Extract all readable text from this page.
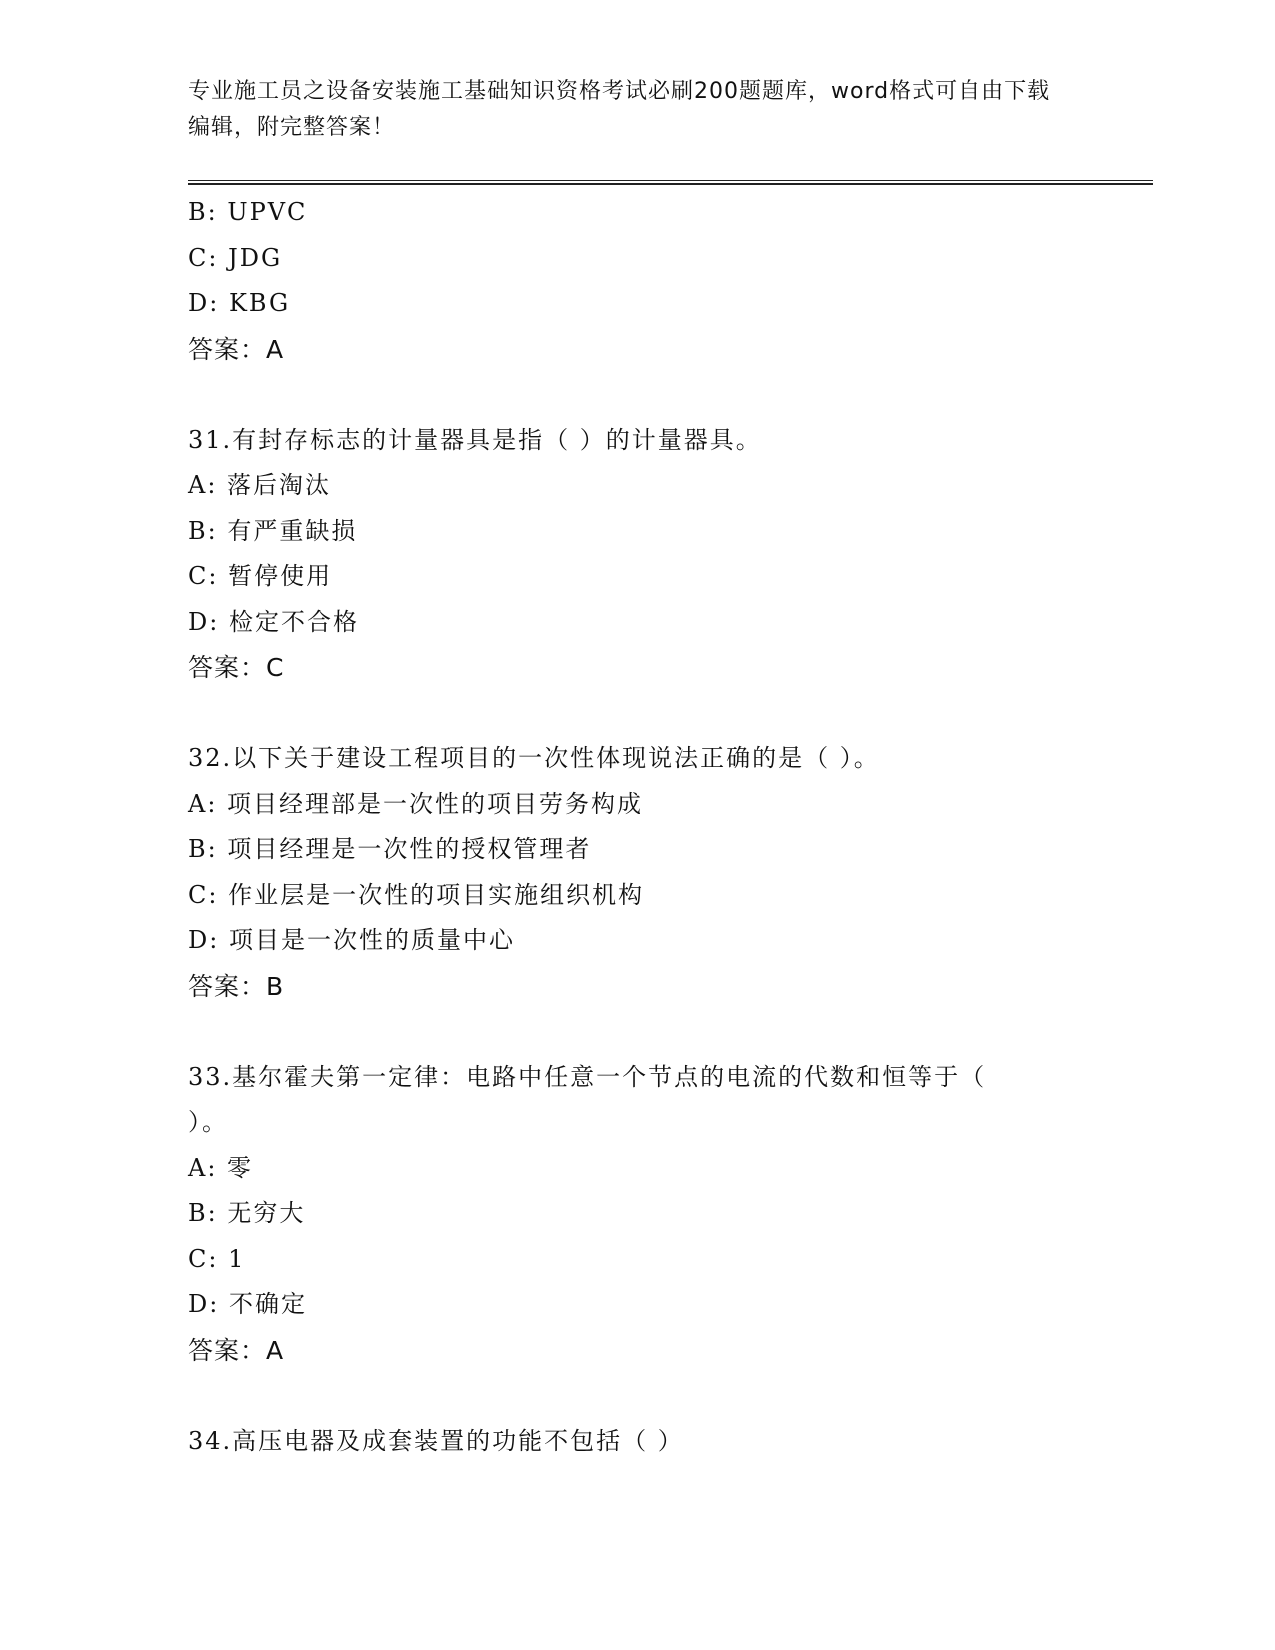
专业施工员之设备安装施工基础知识资格考试必刷200题题库，word格式可自由下载编辑，附完整答案！
B: UPVC
C: JDG
D: KBG
答案：A
31.有封存标志的计量器具是指（ ）的计量器具。
A: 落后淘汰
B: 有严重缺损
C: 暂停使用
D: 检定不合格
答案：C
32.以下关于建设工程项目的一次性体现说法正确的是（ ）。
A: 项目经理部是一次性的项目劳务构成
B: 项目经理是一次性的授权管理者
C: 作业层是一次性的项目实施组织机构
D: 项目是一次性的质量中心
答案：B
33.基尔霍夫第一定律：电路中任意一个节点的电流的代数和恒等于（
）。
A: 零
B: 无穷大
C: 1
D: 不确定
答案：A
34.高压电器及成套装置的功能不包括（ ）
